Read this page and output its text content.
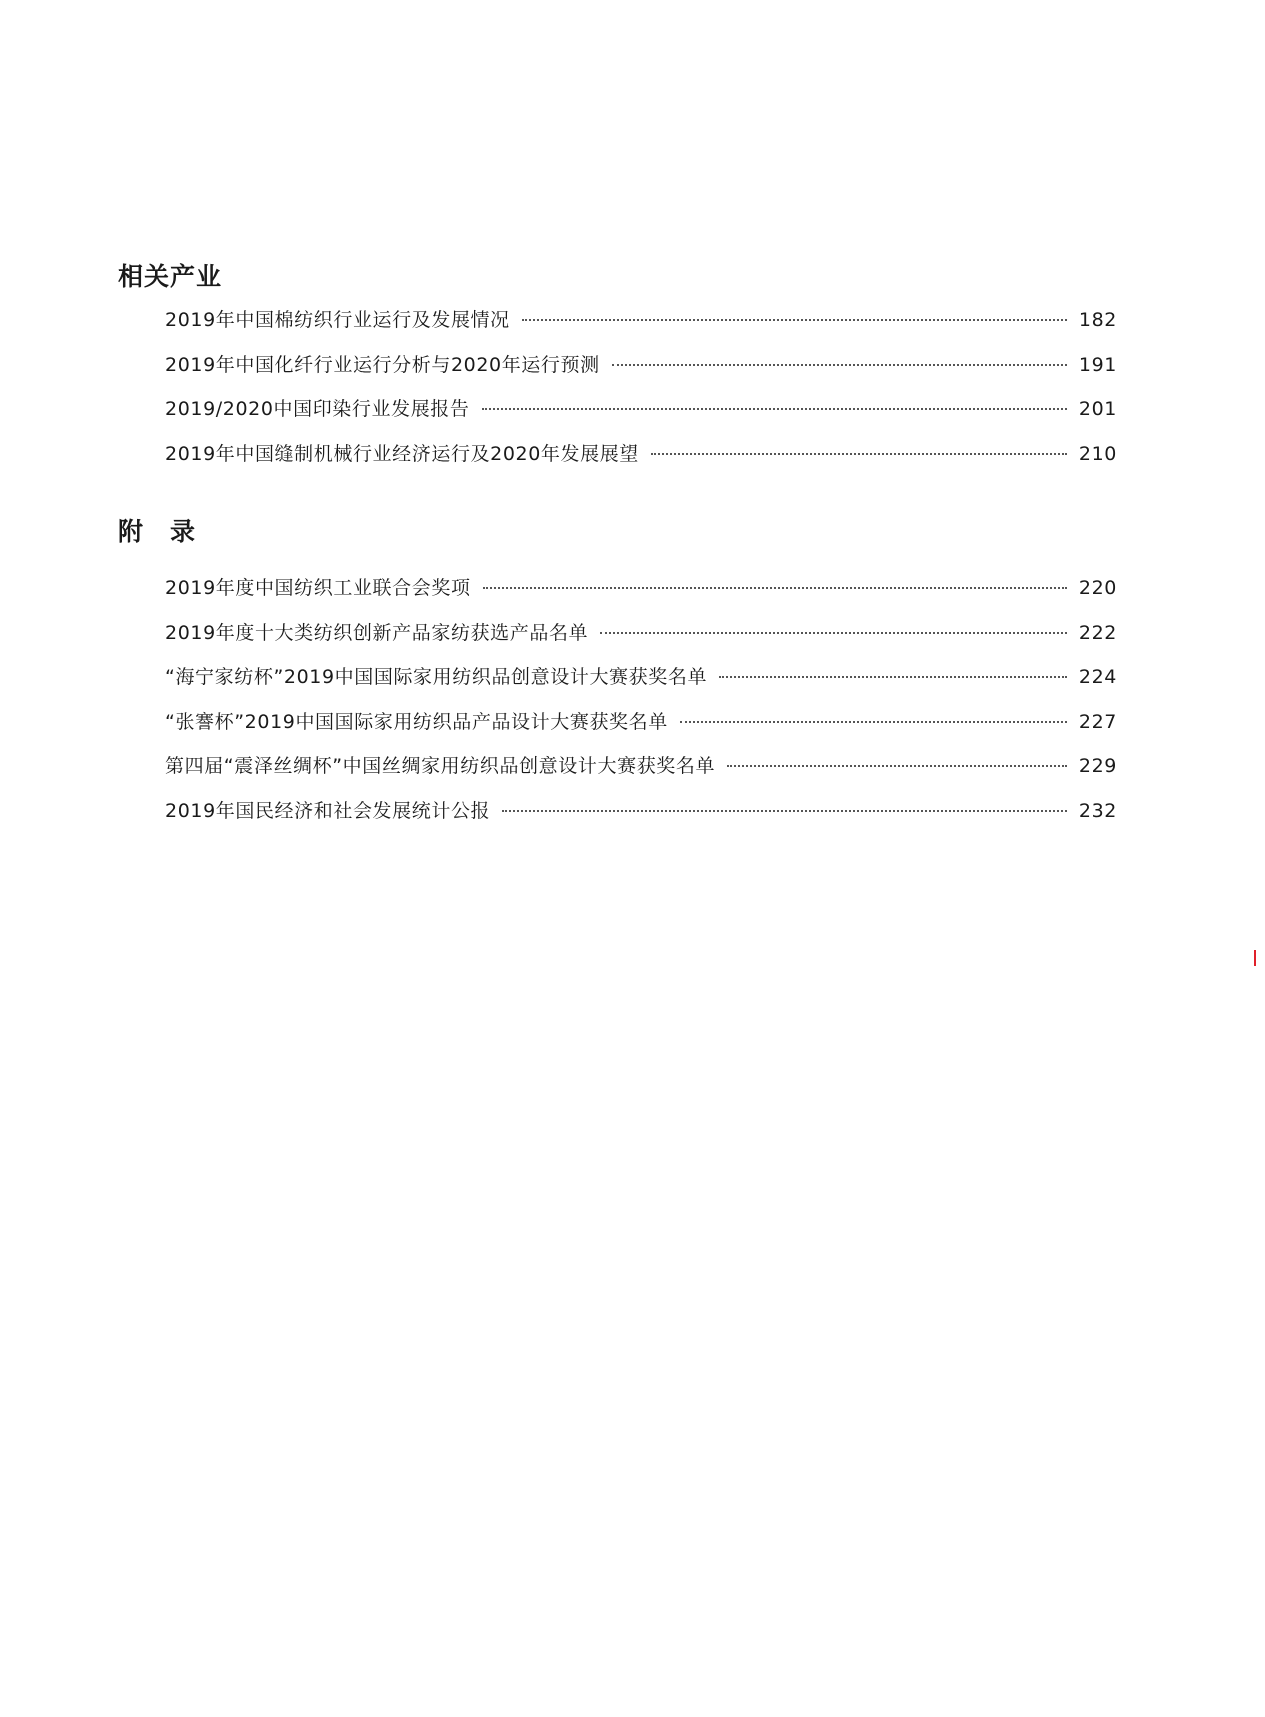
相关产业
2019年中国棉纺织行业运行及发展情况	182
2019年中国化纤行业运行分析与2020年运行预测	191
2019/2020中国印染行业发展报告	201
2019年中国缝制机械行业经济运行及2020年发展展望	210
附　录
2019年度中国纺织工业联合会奖项	220
2019年度十大类纺织创新产品家纺获选产品名单	222
“海宁家纺杯”2019中国国际家用纺织品创意设计大赛获奖名单	224
“张謇杯”2019中国国际家用纺织品产品设计大赛获奖名单	227
第四届“震泽丝绸杯”中国丝绸家用纺织品创意设计大赛获奖名单	229
2019年国民经济和社会发展统计公报	232
